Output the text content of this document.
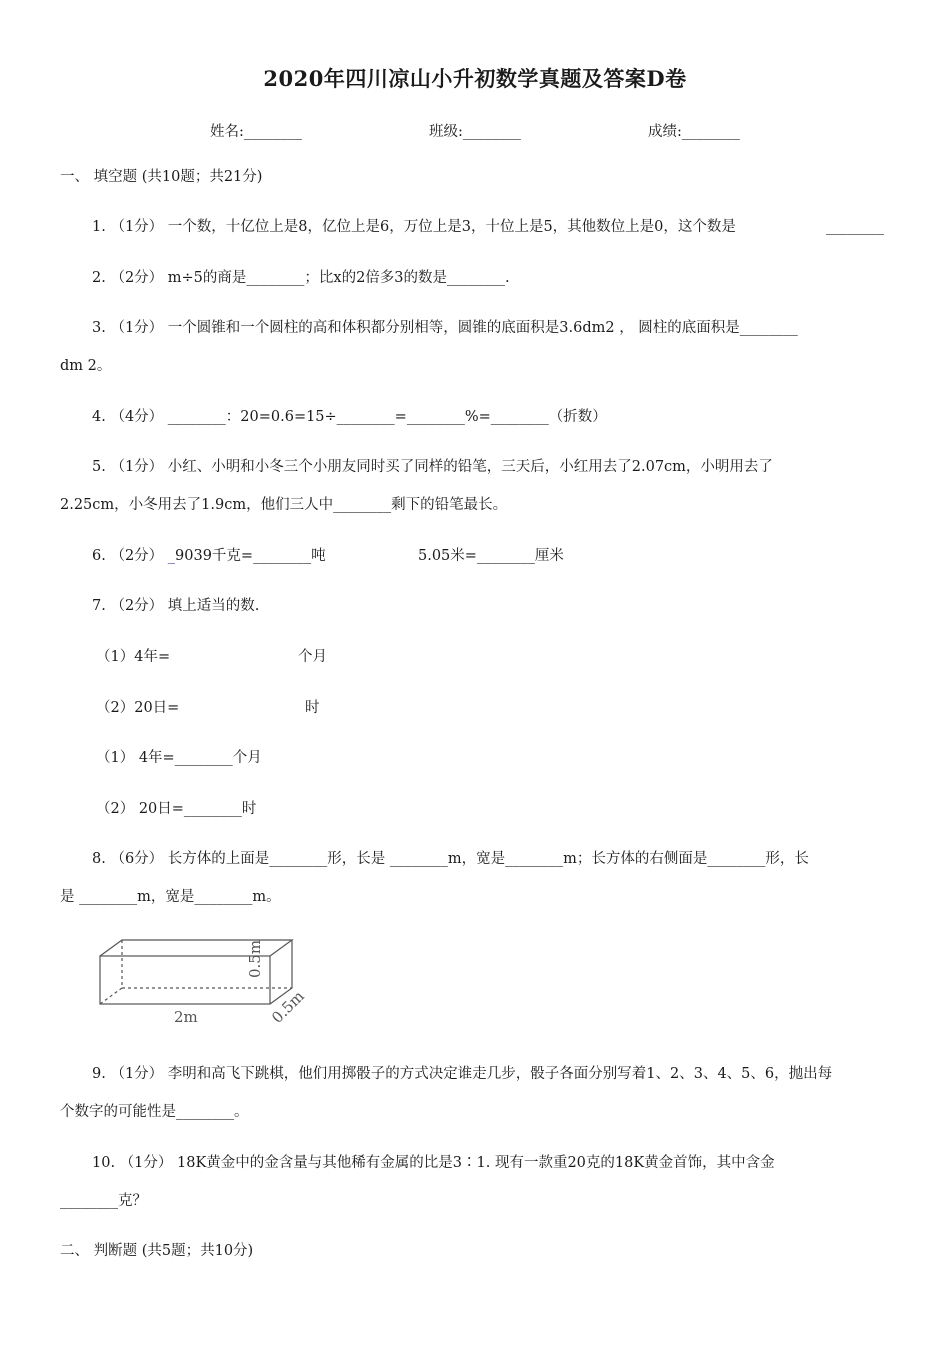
2020年四川凉山小升初数学真题及答案D卷
姓名:________	班级:________	成绩:________
一、 填空题 (共10题；共21分)
1. （1分） 一个数，十亿位上是8，亿位上是6，万位上是3，十位上是5，其他数位上是0，这个数是	________
2. （2分） m÷5的商是________；比x的2倍多3的数是________.
3. （1分） 一个圆锥和一个圆柱的高和体积都分别相等，圆锥的底面积是3.6dm2 ， 圆柱的底面积是________
dm 2。
4. （4分） ________：20=0.6=15÷________=________%=________（折数）
5. （1分） 小红、小明和小冬三个小朋友同时买了同样的铅笔，三天后，小红用去了2.07cm，小明用去了
2.25cm，小冬用去了1.9cm，他们三人中________剩下的铅笔最长。
6. （2分） _9039千克=________吨	5.05米=________厘米
7. （2分） 填上适当的数.
（1）4年=	个月
（2）20日=	时
（1） 4年=________个月
（2） 20日=________时
8. （6分） 长方体的上面是________形，长是 ________m，宽是________m；长方体的右侧面是________形，长
是 ________m，宽是________m。
2m
0.5m
0.5m
9. （1分） 李明和高飞下跳棋，他们用掷骰子的方式决定谁走几步，骰子各面分别写着1、2、3、4、5、6，抛出每
个数字的可能性是________。
10. （1分） 18K黄金中的金含量与其他稀有金属的比是3∶1. 现有一款重20克的18K黄金首饰，其中含金
________克？
二、 判断题 (共5题；共10分)
